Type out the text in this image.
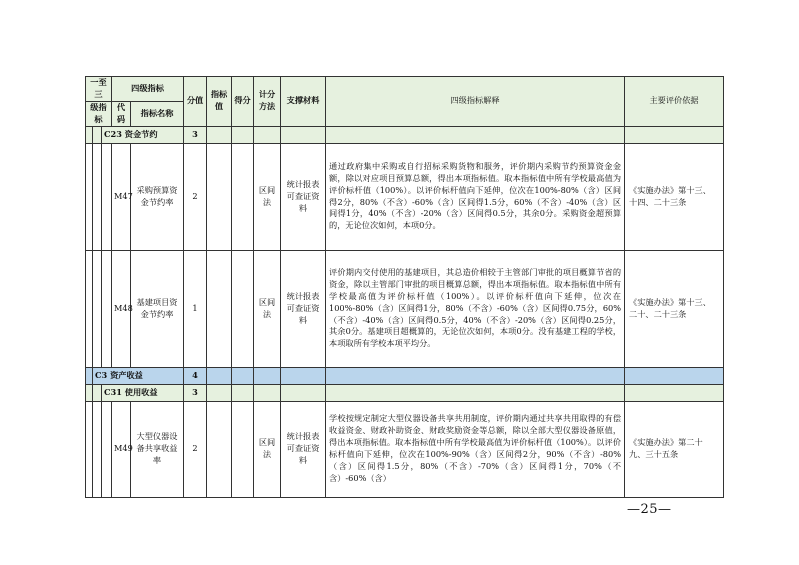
一至三			四级指标		分值	指标值	得分	计分方法	支撑材料	四级指标解释	主要评价依据
级指标			代码	指标名称							
		C23 资金节约			3						
			M47	采购预算资金节约率	2			区间法	统计报表可查证资料	通过政府集中采购或自行招标采购货物和服务，评价期内采购节约预算资金金额，除以对应项目预算总额，得出本项指标值。取本指标值中所有学校最高值为评价标杆值（100%）。以评价标杆值向下延伸，位次在100%-80%（含）区间得2分，80%（不含）-60%（含）区间得1.5分，60%（不含）-40%（含）区间得1分，40%（不含）-20%（含）区间得0.5分，其余0分。采购资金超预算的，无论位次如何，本项0分。	《实施办法》第十三、十四、二十三条
			M48	基建项目资金节约率	1			区间法	统计报表可查证资料	评价期内交付使用的基建项目，其总造价相较于主管部门审批的项目概算节省的资金，除以主管部门审批的项目概算总额，得出本项指标值。取本指标值中所有学校最高值为评价标杆值（100%）。以评价标杆值向下延伸，位次在100%-80%（含）区间得1分，80%（不含）-60%（含）区间得0.75分，60%（不含）-40%（含）区间得0.5分，40%（不含）-20%（含）区间得0.25分，其余0分。基建项目超概算的，无论位次如何，本项0分。没有基建工程的学校，本项取所有学校本项平均分。	《实施办法》第十三、二十、二十三条
	C3 资产收益				4						
		C31 使用收益			3						
			M49	大型仪器设备共享收益率	2			区间法	统计报表可查证资料	学校按规定制定大型仪器设备共享共用制度，评价期内通过共享共用取得的有偿收益资金、财政补助资金、财政奖励资金等总额，除以全部大型仪器设备原值，得出本项指标值。取本指标值中所有学校最高值为评价标杆值（100%）。以评价标杆值向下延伸，位次在100%-90%（含）区间得2分，90%（不含）-80%（含）区间得1.5分，80%（不含）-70%（含）区间得1分，70%（不含）-60%（含）	《实施办法》第二十九、三十五条
—25—
